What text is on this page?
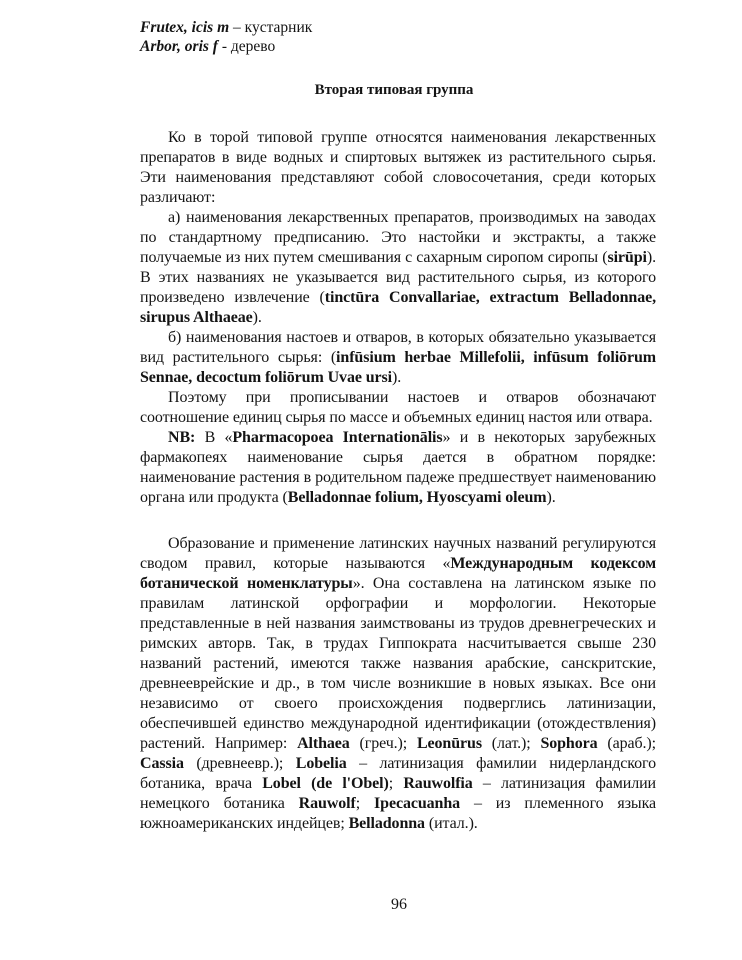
Frutex, icis m – кустарник
Arbor, oris f - дерево
Вторая типовая группа

Ко в торой типовой группе относятся наименования лекарственных препаратов в виде водных и спиртовых вытяжек из растительного сырья. Эти наименования представляют собой словосочетания, среди которых различают:

а) наименования лекарственных препаратов, производимых на заводах по стандартному предписанию. Это настойки и экстракты, а также получаемые из них путем смешивания с сахарным сиропом сиропы (sirūpi). В этих названиях не указывается вид растительного сырья, из которого произведено извлечение (tinctūra Convallariae, extractum Belladonnae, sirupus Althaeae).

б) наименования настоев и отваров, в которых обязательно указывается вид растительного сырья: (infūsium herbae Millefolii, infūsum foliōrum Sennae, decoctum foliōrum Uvae ursi).

Поэтому при прописывании настоев и отваров обозначают соотношение единиц сырья по массе и объемных единиц настоя или отвара.

NB: В «Pharmacopoea Internationālis» и в некоторых зарубежных фармакопеях наименование сырья дается в обратном порядке: наименование растения в родительном падеже предшествует наименованию органа или продукта (Belladonnae folium, Hyoscyami oleum).

Образование и применение латинских научных названий регулируются сводом правил, которые называются «Международным кодексом ботанической номенклатуры». Она составлена на латинском языке по правилам латинской орфографии и морфологии. Некоторые представленные в ней названия заимствованы из трудов древнегреческих и римских авторв. Так, в трудах Гиппократа насчитывается свыше 230 названий растений, имеются также названия арабские, санскритские, древнееврейские и др., в том числе возникшие в новых языках. Все они независимо от своего происхождения подверглись латинизации, обеспечившей единство международной идентификации (отождествления) растений. Например: Althaea (греч.); Leonūrus (лат.); Sophora (араб.); Cassia (древнеевр.); Lobelia – латинизация фамилии нидерландского ботаника, врача Lobel (de l'Obel); Rauwolfia – латинизация фамилии немецкого ботаника Rauwolf; Ipecacuanha – из племенного языка южноамериканских индейцев; Belladonna (итал.).

96
